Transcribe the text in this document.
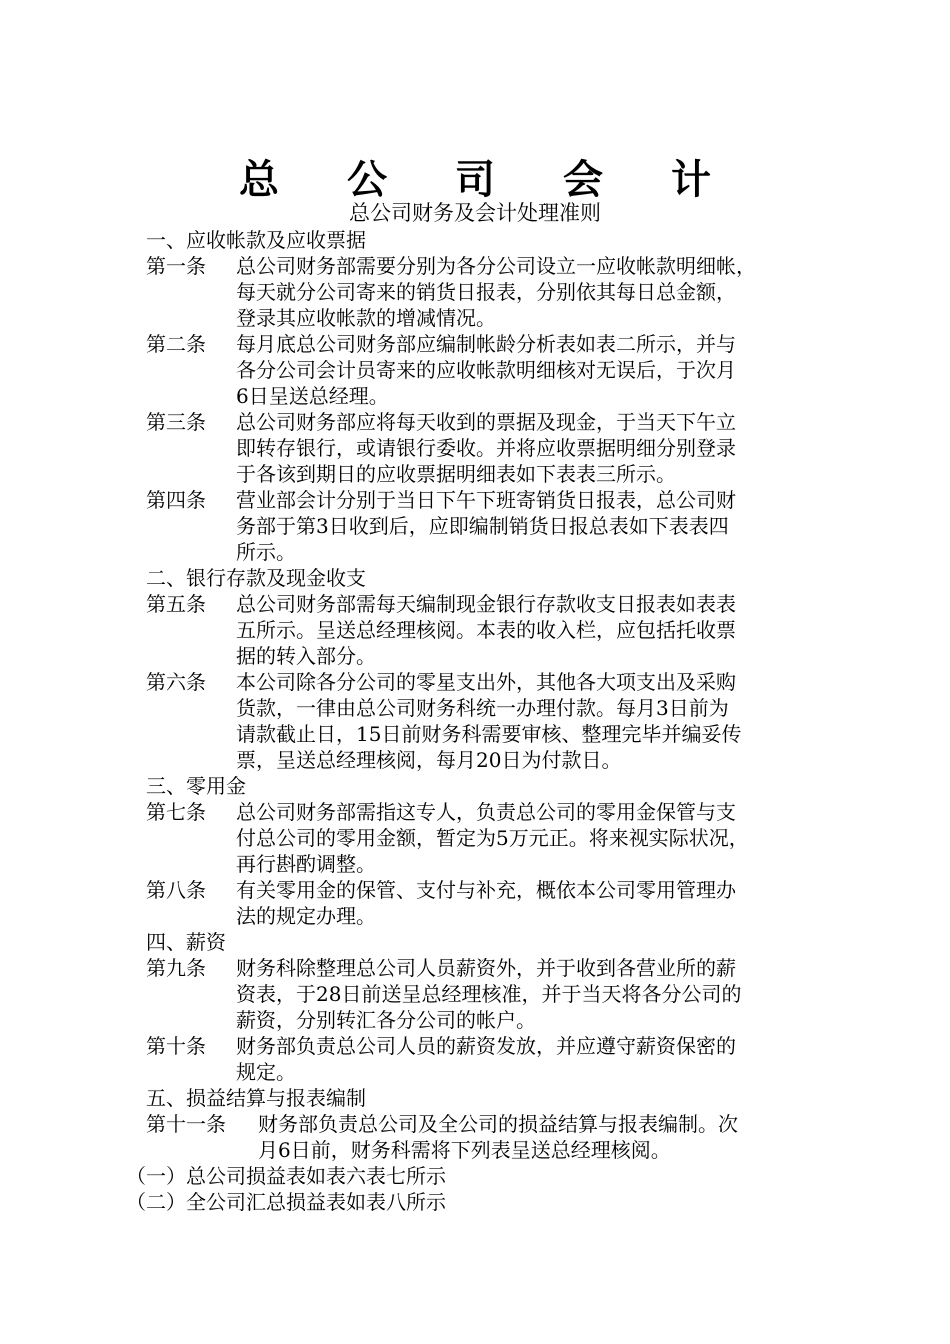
总公司会计
总公司财务及会计处理准则
一、应收帐款及应收票据
第一条	总公司财务部需要分别为各分公司设立一应收帐款明细帐，
每天就分公司寄来的销货日报表，分别依其每日总金额，
登录其应收帐款的增减情况。
第二条	每月底总公司财务部应编制帐龄分析表如表二所示，并与
各分公司会计员寄来的应收帐款明细核对无误后，于次月
6日呈送总经理。
第三条	总公司财务部应将每天收到的票据及现金，于当天下午立
即转存银行，或请银行委收。并将应收票据明细分别登录
于各该到期日的应收票据明细表如下表表三所示。
第四条	营业部会计分别于当日下午下班寄销货日报表，总公司财
务部于第3日收到后，应即编制销货日报总表如下表表四
所示。
二、银行存款及现金收支
第五条	总公司财务部需每天编制现金银行存款收支日报表如表表
五所示。呈送总经理核阅。本表的收入栏，应包括托收票
据的转入部分。
第六条	本公司除各分公司的零星支出外，其他各大项支出及采购
货款，一律由总公司财务科统一办理付款。每月3日前为
请款截止日，15日前财务科需要审核、整理完毕并编妥传
票，呈送总经理核阅，每月20日为付款日。
三、零用金
第七条	总公司财务部需指这专人，负责总公司的零用金保管与支
付总公司的零用金额，暂定为5万元正。将来视实际状况，
再行斟酌调整。
第八条	有关零用金的保管、支付与补充，概依本公司零用管理办
法的规定办理。
四、薪资
第九条	财务科除整理总公司人员薪资外，并于收到各营业所的薪
资表，于28日前送呈总经理核准，并于当天将各分公司的
薪资，分别转汇各分公司的帐户。
第十条	财务部负责总公司人员的薪资发放，并应遵守薪资保密的
规定。
五、损益结算与报表编制
第十一条	财务部负责总公司及全公司的损益结算与报表编制。次
月6日前，财务科需将下列表呈送总经理核阅。
（一）总公司损益表如表六表七所示
（二）全公司汇总损益表如表八所示
